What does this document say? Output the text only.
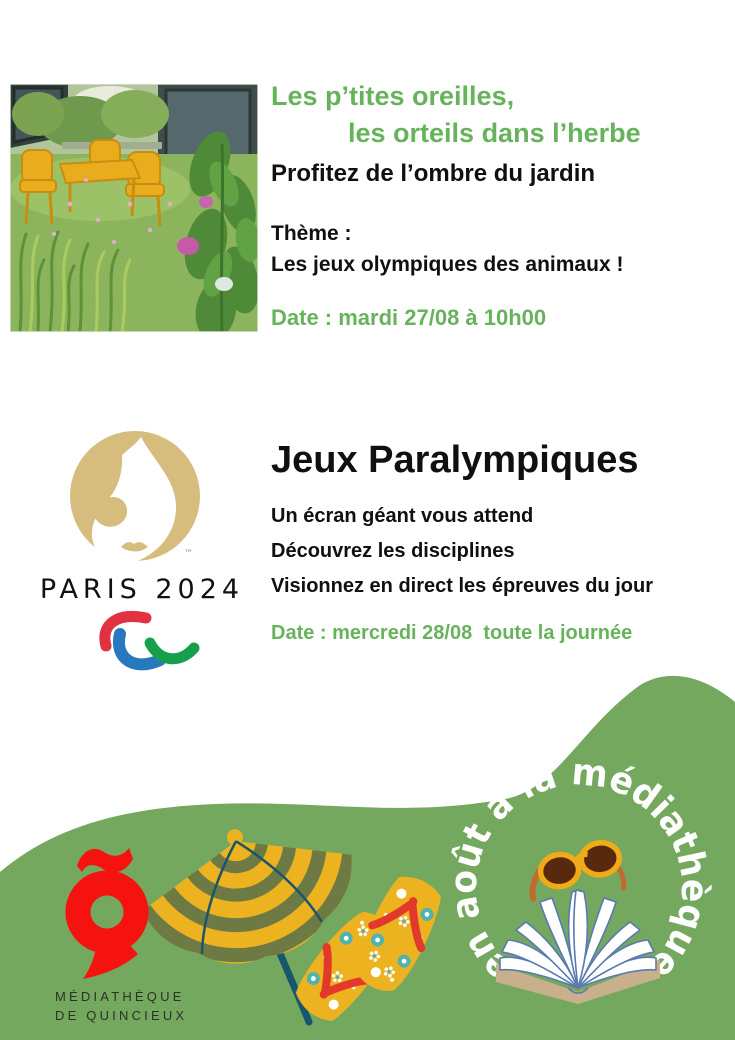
™
PARIS 2024
en août à la médiathèque
Les p’tites oreilles,
les orteils dans l’herbe
Profitez de l’ombre du jardin
Thème :
Les jeux olympiques des animaux !
Date : mardi 27/08 à 10h00
Jeux Paralympiques
Un écran géant vous attend
Découvrez les disciplines
Visionnez en direct les épreuves du jour
Date : mercredi 28/08  toute la journée
MÉDIATHÈQUE
DE QUINCIEUX
